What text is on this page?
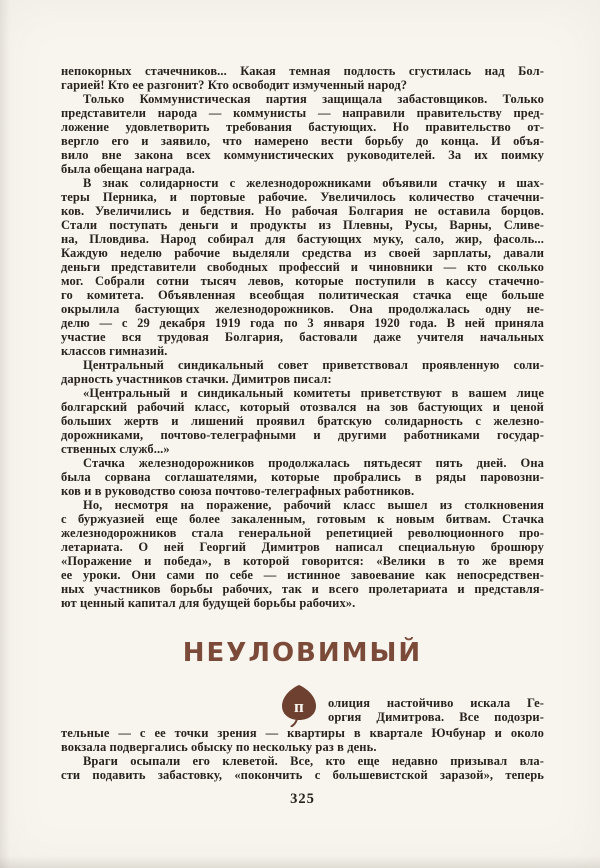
непокорных стачечников... Какая темная подлость сгустилась над Бол-
гарией! Кто ее разгонит? Кто освободит измученный народ?
Только Коммунистическая партия защищала забастовщиков. Только
представители народа — коммунисты — направили правительству пред-
ложение удовлетворить требования бастующих. Но правительство от-
вергло его и заявило, что намерено вести борьбу до конца. И объя-
вило вне закона всех коммунистических руководителей. За их поимку
была обещана награда.
В знак солидарности с железнодорожниками объявили стачку и шах-
теры Перника, и портовые рабочие. Увеличилось количество стачечни-
ков. Увеличились и бедствия. Но рабочая Болгария не оставила борцов.
Стали поступать деньги и продукты из Плевны, Русы, Варны, Сливе-
на, Пловдива. Народ собирал для бастующих муку, сало, жир, фасоль...
Каждую неделю рабочие выделяли средства из своей зарплаты, давали
деньги представители свободных профессий и чиновники — кто сколько
мог. Собрали сотни тысяч левов, которые поступили в кассу стачечно-
го комитета. Объявленная всеобщая политическая стачка еще больше
окрылила бастующих железнодорожников. Она продолжалась одну не-
делю — с 29 декабря 1919 года по 3 января 1920 года. В ней приняла
участие вся трудовая Болгария, бастовали даже учителя начальных
классов гимназий.
Центральный синдикальный совет приветствовал проявленную соли-
дарность участников стачки. Димитров писал:
«Центральный и синдикальный комитеты приветствуют в вашем лице
болгарский рабочий класс, который отозвался на зов бастующих и ценой
больших жертв и лишений проявил братскую солидарность с железно-
дорожниками, почтово-телеграфными и другими работниками государ-
ственных служб...»
Стачка железнодорожников продолжалась пятьдесят пять дней. Она
была сорвана соглашателями, которые пробрались в ряды паровозни-
ков и в руководство союза почтово-телеграфных работников.
Но, несмотря на поражение, рабочий класс вышел из столкновения
с буржуазией еще более закаленным, готовым к новым битвам. Стачка
железнодорожников стала генеральной репетицией революционного про-
летариата. О ней Георгий Димитров написал специальную брошюру
«Поражение и победа», в которой говорится: «Велики в то же время
ее уроки. Они сами по себе — истинное завоевание как непосредствен-
ных участников борьбы рабочих, так и всего пролетариата и представля-
ют ценный капитал для будущей борьбы рабочих».
НЕУЛОВИМЫЙ
п олиция настойчиво искала Ге-
оргия Димитрова. Все подозри-
тельные — с ее точки зрения — квартиры в квартале Ючбунар и около
вокзала подвергались обыску по нескольку раз в день.
Враги осыпали его клеветой. Все, кто еще недавно призывал вла-
сти подавить забастовку, «покончить с большевистской заразой», теперь
325
